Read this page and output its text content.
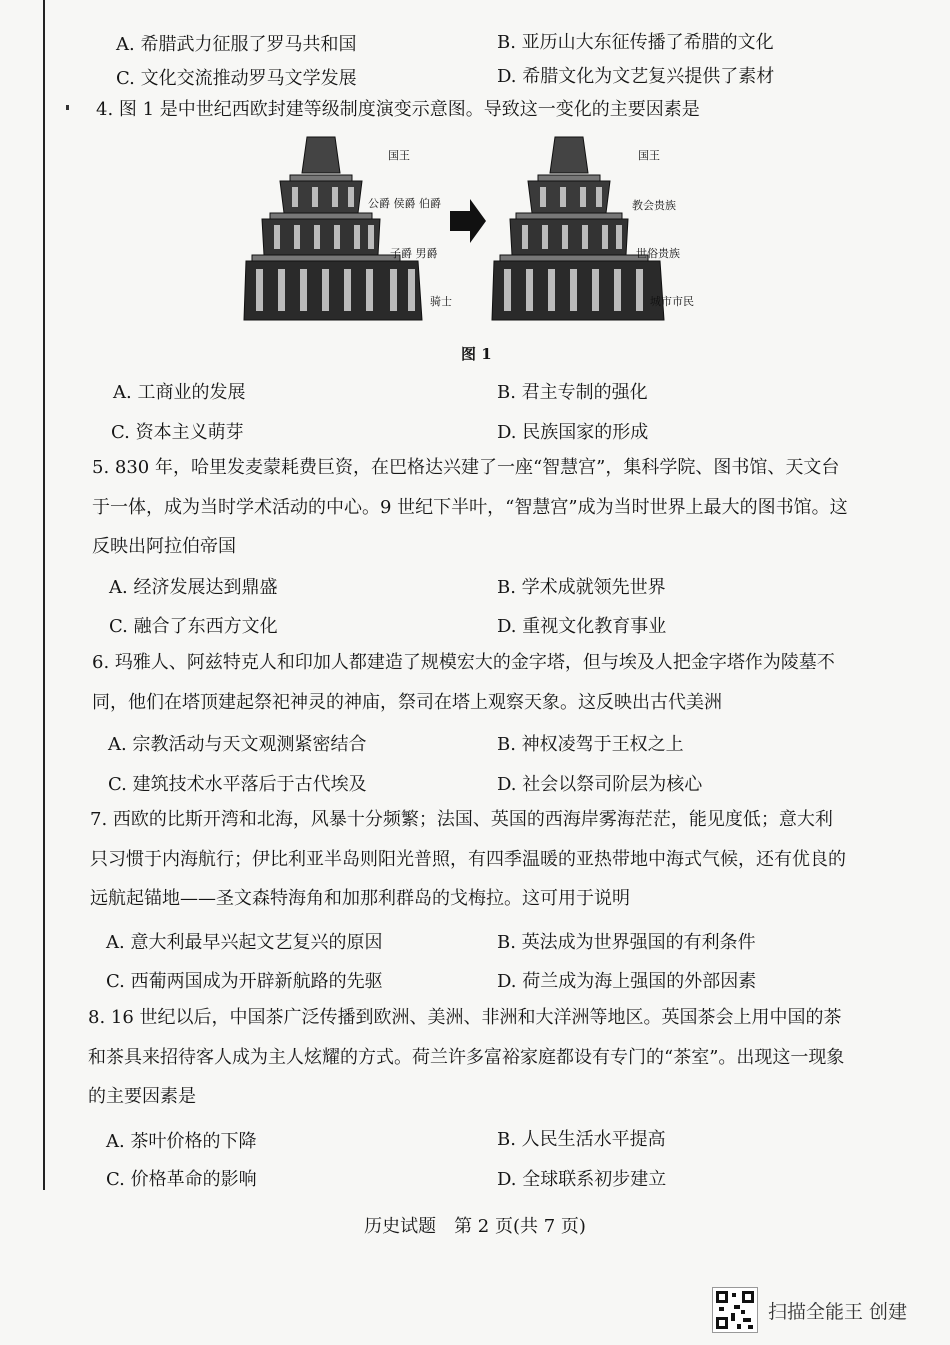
A. 希腊武力征服了罗马共和国	B. 亚历山大东征传播了希腊的文化
C. 文化交流推动罗马文学发展	D. 希腊文化为文艺复兴提供了素材
4. 图 1 是中世纪西欧封建等级制度演变示意图。导致这一变化的主要因素是
国王
公爵 侯爵 伯爵
子爵 男爵
骑士
国王
教会贵族
世俗贵族
城市市民
图 1
A. 工商业的发展	B. 君主专制的强化
C. 资本主义萌芽	D. 民族国家的形成
5. 830 年，哈里发麦蒙耗费巨资，在巴格达兴建了一座“智慧宫”，集科学院、图书馆、天文台于一体，成为当时学术活动的中心。9 世纪下半叶，“智慧宫”成为当时世界上最大的图书馆。这反映出阿拉伯帝国
A. 经济发展达到鼎盛	B. 学术成就领先世界
C. 融合了东西方文化	D. 重视文化教育事业
6. 玛雅人、阿兹特克人和印加人都建造了规模宏大的金字塔，但与埃及人把金字塔作为陵墓不同，他们在塔顶建起祭祀神灵的神庙，祭司在塔上观察天象。这反映出古代美洲
A. 宗教活动与天文观测紧密结合	B. 神权凌驾于王权之上
C. 建筑技术水平落后于古代埃及	D. 社会以祭司阶层为核心
7. 西欧的比斯开湾和北海，风暴十分频繁；法国、英国的西海岸雾海茫茫，能见度低；意大利只习惯于内海航行；伊比利亚半岛则阳光普照，有四季温暖的亚热带地中海式气候，还有优良的远航起锚地——圣文森特海角和加那利群岛的戈梅拉。这可用于说明
A. 意大利最早兴起文艺复兴的原因	B. 英法成为世界强国的有利条件
C. 西葡两国成为开辟新航路的先驱	D. 荷兰成为海上强国的外部因素
8. 16 世纪以后，中国茶广泛传播到欧洲、美洲、非洲和大洋洲等地区。英国茶会上用中国的茶和茶具来招待客人成为主人炫耀的方式。荷兰许多富裕家庭都设有专门的“茶室”。出现这一现象的主要因素是
A. 茶叶价格的下降	B. 人民生活水平提高
C. 价格革命的影响	D. 全球联系初步建立
历史试题　第 2 页(共 7 页)
扫描全能王 创建
